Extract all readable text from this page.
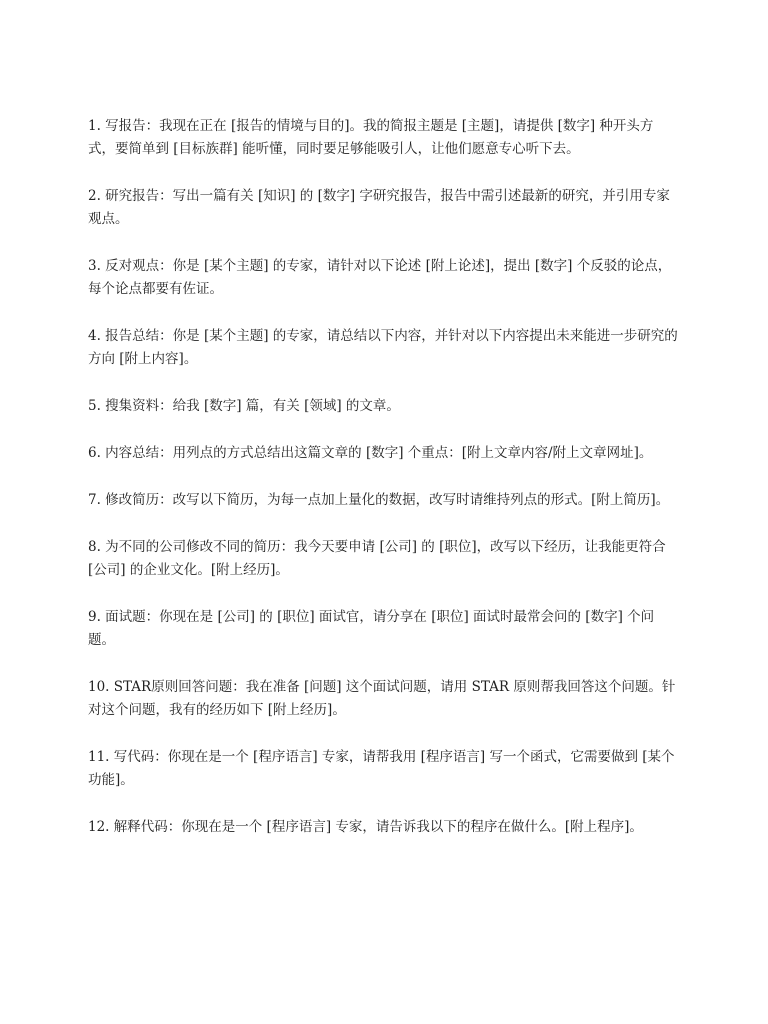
1. 写报告：我现在正在 [报告的情境与目的]。我的简报主题是 [主题]，请提供 [数字] 种开头方式，要简单到 [目标族群] 能听懂，同时要足够能吸引人，让他们愿意专心听下去。

2. 研究报告：写出一篇有关 [知识] 的 [数字] 字研究报告，报告中需引述最新的研究，并引用专家观点。

3. 反对观点：你是 [某个主题] 的专家，请针对以下论述 [附上论述]，提出 [数字] 个反驳的论点，每个论点都要有佐证。

4. 报告总结：你是 [某个主题] 的专家，请总结以下内容，并针对以下内容提出未来能进一步研究的方向 [附上内容]。

5. 搜集资料：给我 [数字] 篇，有关 [领域] 的文章。

6. 内容总结：用列点的方式总结出这篇文章的 [数字] 个重点：[附上文章内容/附上文章网址]。

7. 修改简历：改写以下简历，为每一点加上量化的数据，改写时请维持列点的形式。[附上简历]。

8. 为不同的公司修改不同的简历：我今天要申请 [公司] 的 [职位]，改写以下经历，让我能更符合 [公司] 的企业文化。[附上经历]。

9. 面试题：你现在是 [公司] 的 [职位] 面试官，请分享在 [职位] 面试时最常会问的 [数字] 个问题。

10. STAR原则回答问题：我在准备 [问题] 这个面试问题，请用 STAR 原则帮我回答这个问题。针对这个问题，我有的经历如下 [附上经历]。

11. 写代码：你现在是一个 [程序语言] 专家，请帮我用 [程序语言] 写一个函式，它需要做到 [某个功能]。

12. 解释代码：你现在是一个 [程序语言] 专家，请告诉我以下的程序在做什么。[附上程序]。
